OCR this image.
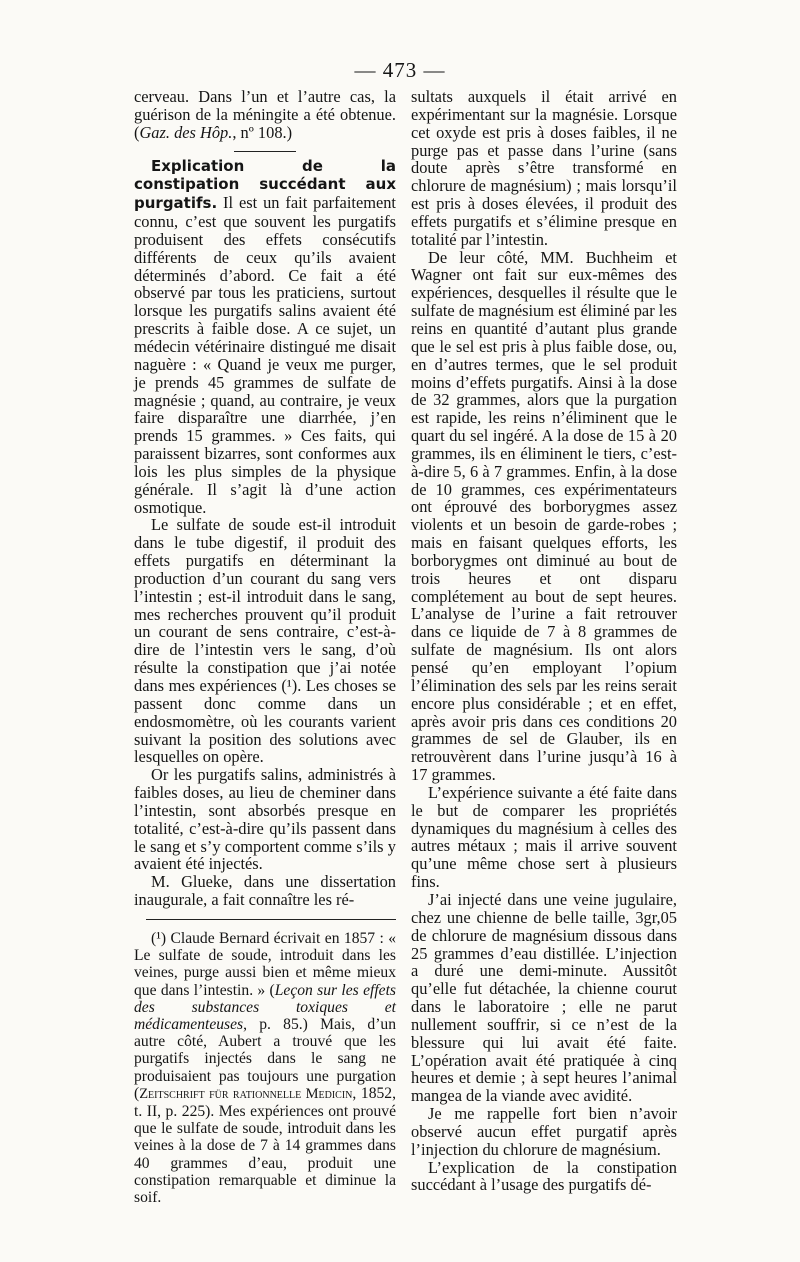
— 473 —

cerveau. Dans l’un et l’autre cas, la guérison de la méningite a été obtenue. (Gaz. des Hôp., nº 108.)

Explication de la constipation succédant aux purgatifs. Il est un fait parfaitement connu, c’est que souvent les purgatifs produisent des effets consécutifs différents de ceux qu’ils avaient déterminés d’abord. Ce fait a été observé par tous les praticiens, surtout lorsque les purgatifs salins avaient été prescrits à faible dose. A ce sujet, un médecin vétérinaire distingué me disait naguère : « Quand je veux me purger, je prends 45 grammes de sulfate de magnésie ; quand, au contraire, je veux faire disparaître une diarrhée, j’en prends 15 grammes. » Ces faits, qui paraissent bizarres, sont conformes aux lois les plus simples de la physique générale. Il s’agit là d’une action osmotique.

Le sulfate de soude est-il introduit dans le tube digestif, il produit des effets purgatifs en déterminant la production d’un courant du sang vers l’intestin ; est-il introduit dans le sang, mes recherches prouvent qu’il produit un courant de sens contraire, c’est-à-dire de l’intestin vers le sang, d’où résulte la constipation que j’ai notée dans mes expériences (¹). Les choses se passent donc comme dans un endosmomètre, où les courants varient suivant la position des solutions avec lesquelles on opère.

Or les purgatifs salins, administrés à faibles doses, au lieu de cheminer dans l’intestin, sont absorbés presque en totalité, c’est-à-dire qu’ils passent dans le sang et s’y comportent comme s’ils y avaient été injectés.

M. Glueke, dans une dissertation inaugurale, a fait connaître les ré-

(¹) Claude Bernard écrivait en 1857 : « Le sulfate de soude, introduit dans les veines, purge aussi bien et même mieux que dans l’intestin. » (Leçon sur les effets des substances toxiques et médicamenteuses, p. 85.) Mais, d’un autre côté, Aubert a trouvé que les purgatifs injectés dans le sang ne produisaient pas toujours une purgation (Zeitschrift für rationnelle Medicin, 1852, t. II, p. 225). Mes expériences ont prouvé que le sulfate de soude, introduit dans les veines à la dose de 7 à 14 grammes dans 40 grammes d’eau, produit une constipation remarquable et diminue la soif.

sultats auxquels il était arrivé en expérimentant sur la magnésie. Lorsque cet oxyde est pris à doses faibles, il ne purge pas et passe dans l’urine (sans doute après s’être transformé en chlorure de magnésium) ; mais lorsqu’il est pris à doses élevées, il produit des effets purgatifs et s’élimine presque en totalité par l’intestin.

De leur côté, MM. Buchheim et Wagner ont fait sur eux-mêmes des expériences, desquelles il résulte que le sulfate de magnésium est éliminé par les reins en quantité d’autant plus grande que le sel est pris à plus faible dose, ou, en d’autres termes, que le sel produit moins d’effets purgatifs. Ainsi à la dose de 32 grammes, alors que la purgation est rapide, les reins n’éliminent que le quart du sel ingéré. A la dose de 15 à 20 grammes, ils en éliminent le tiers, c’est-à-dire 5, 6 à 7 grammes. Enfin, à la dose de 10 grammes, ces expérimentateurs ont éprouvé des borborygmes assez violents et un besoin de garde-robes ; mais en faisant quelques efforts, les borborygmes ont diminué au bout de trois heures et ont disparu complétement au bout de sept heures. L’analyse de l’urine a fait retrouver dans ce liquide de 7 à 8 grammes de sulfate de magnésium. Ils ont alors pensé qu’en employant l’opium l’élimination des sels par les reins serait encore plus considérable ; et en effet, après avoir pris dans ces conditions 20 grammes de sel de Glauber, ils en retrouvèrent dans l’urine jusqu’à 16 à 17 grammes.

L’expérience suivante a été faite dans le but de comparer les propriétés dynamiques du magnésium à celles des autres métaux ; mais il arrive souvent qu’une même chose sert à plusieurs fins.

J’ai injecté dans une veine jugulaire, chez une chienne de belle taille, 3gr,05 de chlorure de magnésium dissous dans 25 grammes d’eau distillée. L’injection a duré une demi-minute. Aussitôt qu’elle fut détachée, la chienne courut dans le laboratoire ; elle ne parut nullement souffrir, si ce n’est de la blessure qui lui avait été faite. L’opération avait été pratiquée à cinq heures et demie ; à sept heures l’animal mangea de la viande avec avidité.

Je me rappelle fort bien n’avoir observé aucun effet purgatif après l’injection du chlorure de magnésium.

L’explication de la constipation succédant à l’usage des purgatifs dé-
